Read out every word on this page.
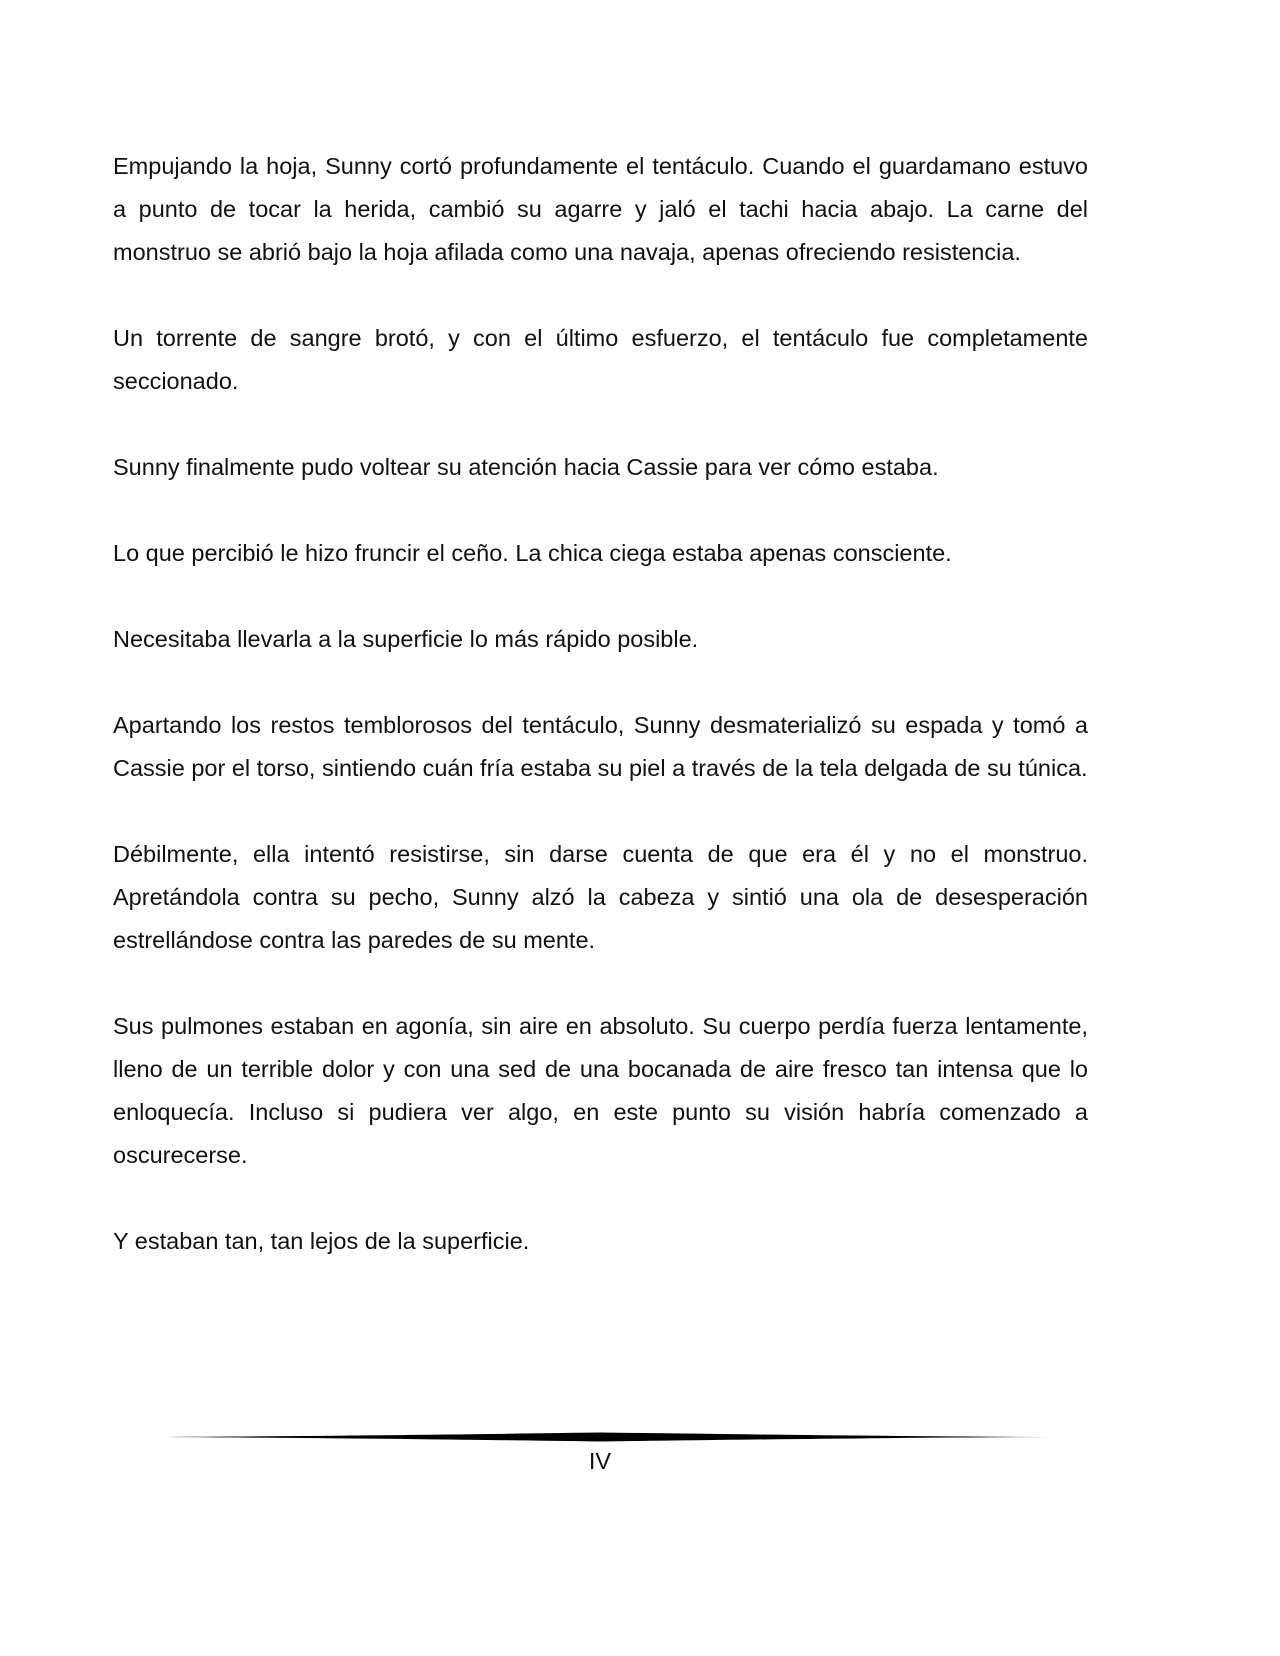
Empujando la hoja, Sunny cortó profundamente el tentáculo. Cuando el guardamano estuvo a punto de tocar la herida, cambió su agarre y jaló el tachi hacia abajo. La carne del monstruo se abrió bajo la hoja afilada como una navaja, apenas ofreciendo resistencia.

Un torrente de sangre brotó, y con el último esfuerzo, el tentáculo fue completamente seccionado.

Sunny finalmente pudo voltear su atención hacia Cassie para ver cómo estaba.

Lo que percibió le hizo fruncir el ceño. La chica ciega estaba apenas consciente.

Necesitaba llevarla a la superficie lo más rápido posible.

Apartando los restos temblorosos del tentáculo, Sunny desmaterializó su espada y tomó a Cassie por el torso, sintiendo cuán fría estaba su piel a través de la tela delgada de su túnica.

Débilmente, ella intentó resistirse, sin darse cuenta de que era él y no el monstruo. Apretándola contra su pecho, Sunny alzó la cabeza y sintió una ola de desesperación estrellándose contra las paredes de su mente.

Sus pulmones estaban en agonía, sin aire en absoluto. Su cuerpo perdía fuerza lentamente, lleno de un terrible dolor y con una sed de una bocanada de aire fresco tan intensa que lo enloquecía. Incluso si pudiera ver algo, en este punto su visión habría comenzado a oscurecerse.

Y estaban tan, tan lejos de la superficie.

IV
